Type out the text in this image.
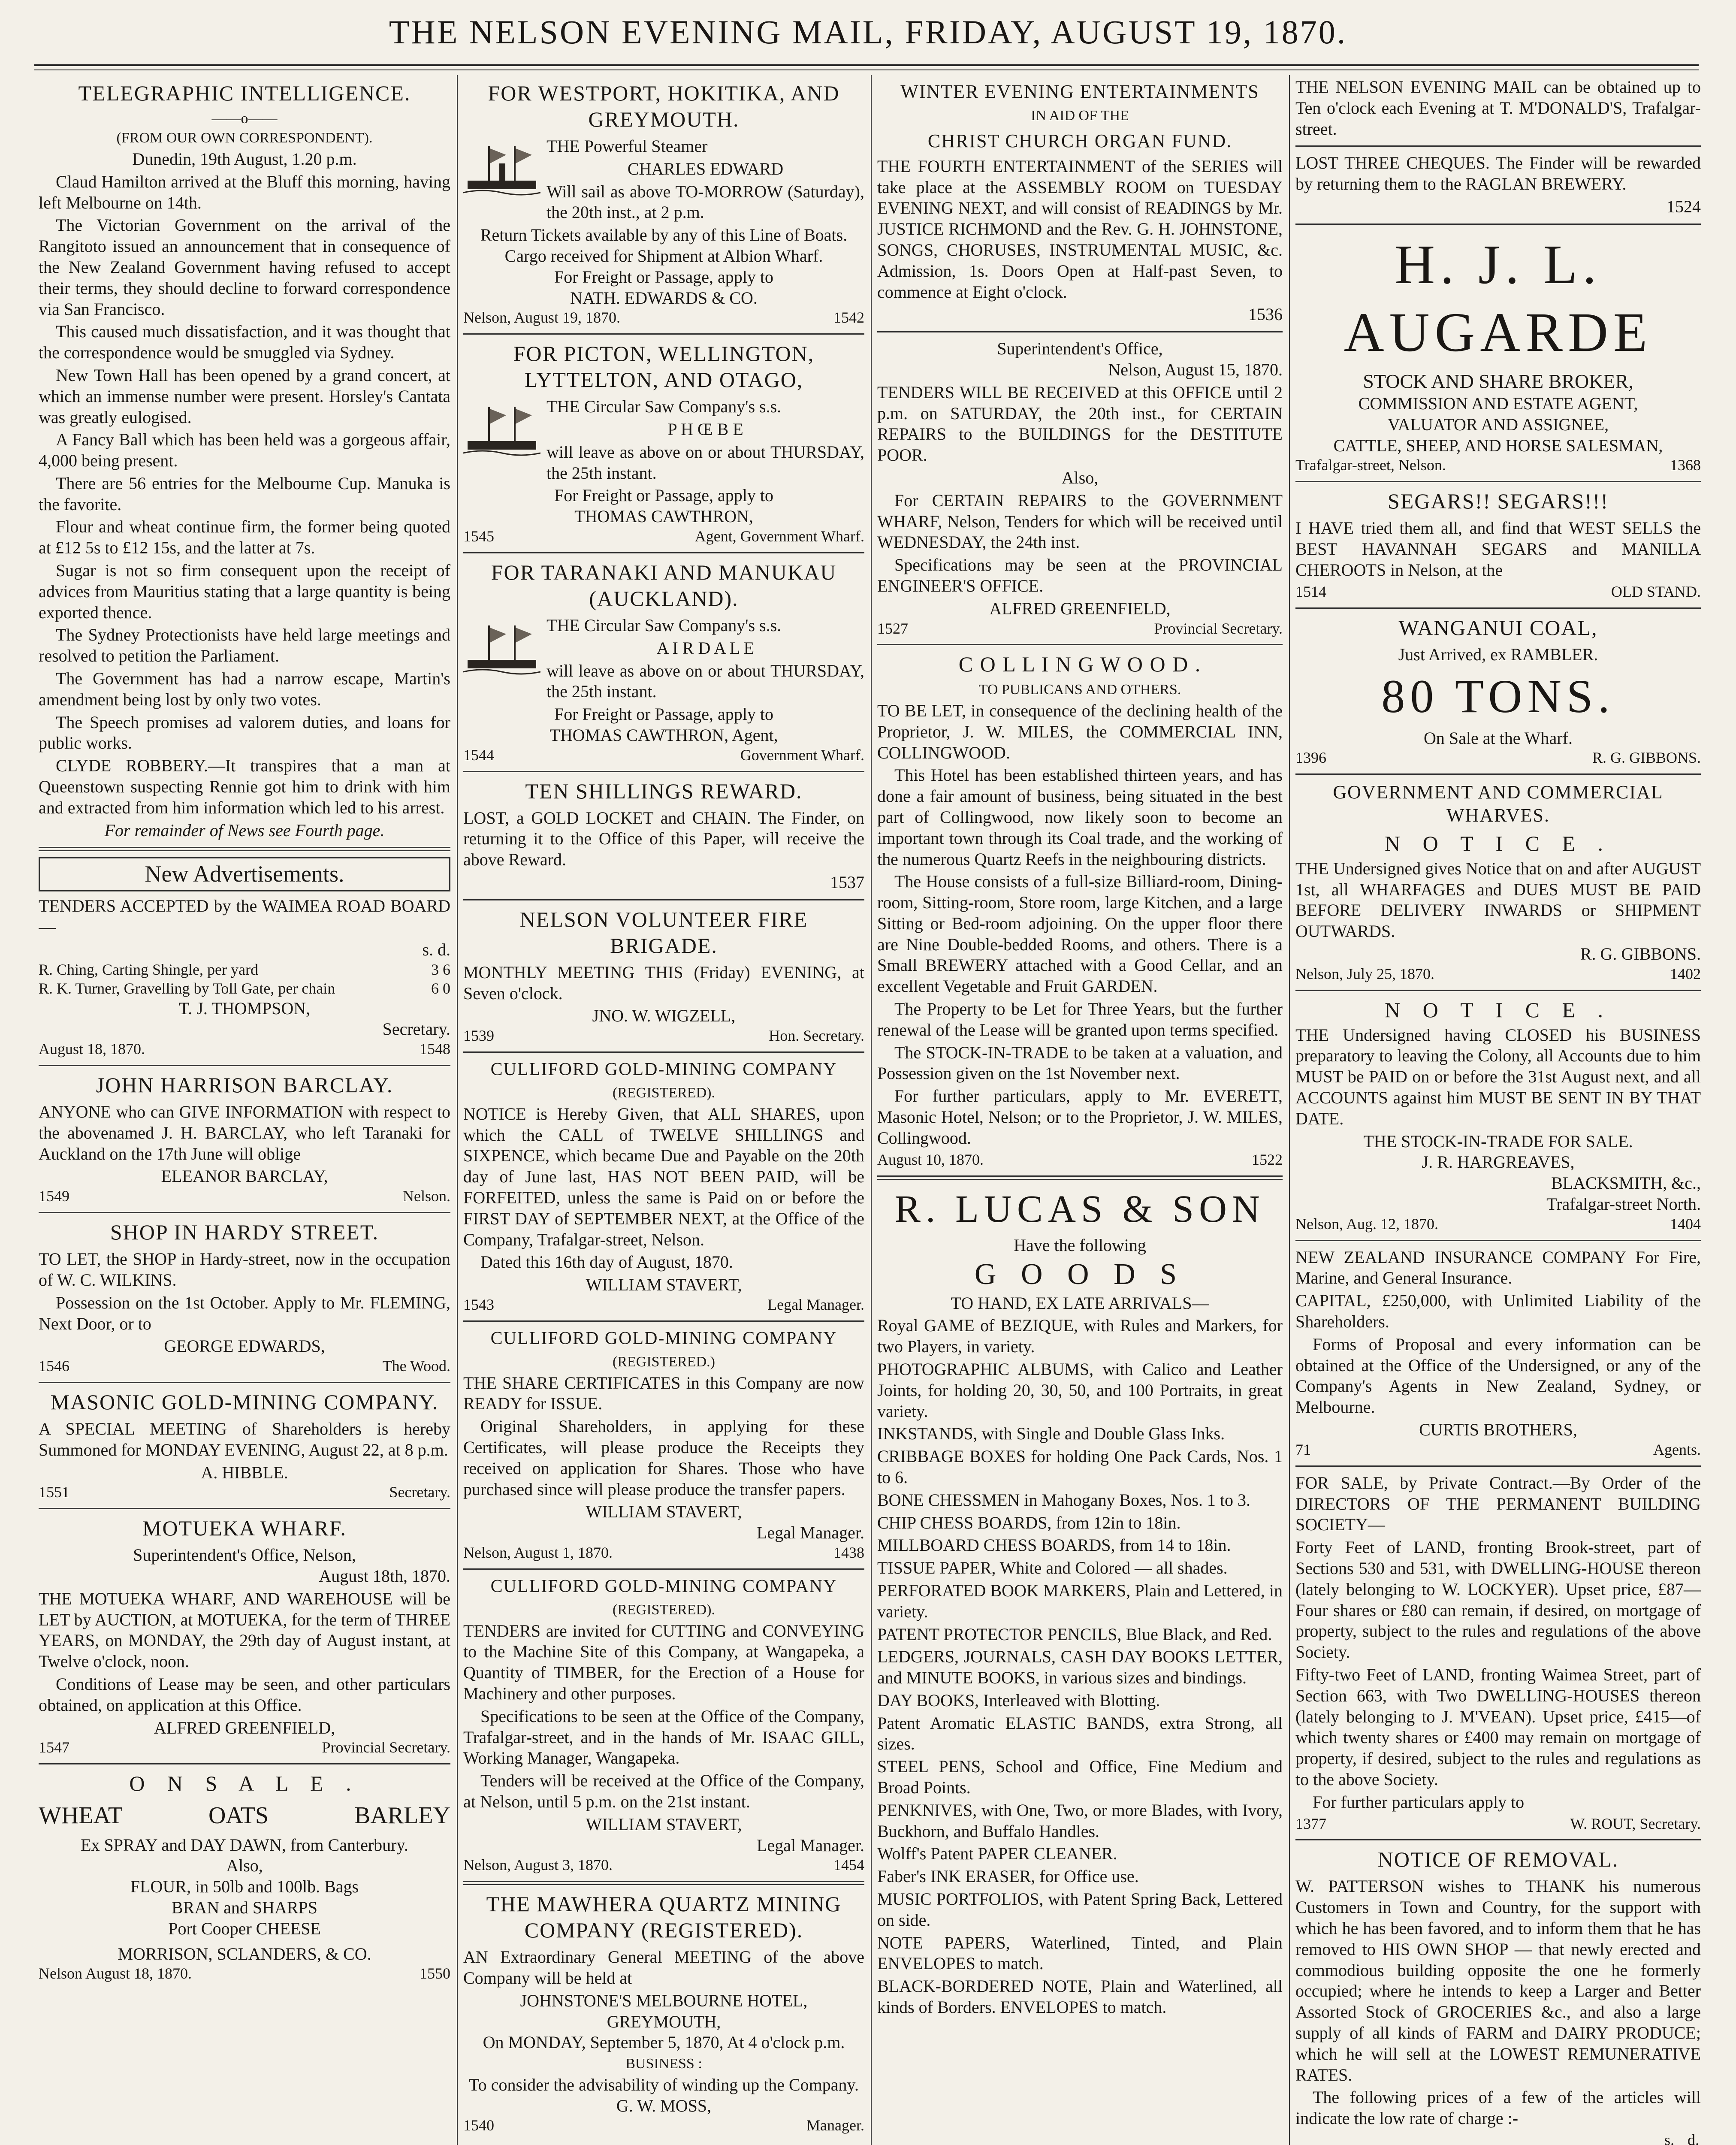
THE NELSON EVENING MAIL, FRIDAY, AUGUST 19, 1870.
TELEGRAPHIC INTELLIGENCE.
——o——
(FROM OUR OWN CORRESPONDENT).
Dunedin, 19th August, 1.20 p.m.

Claud Hamilton arrived at the Bluff this morning, having left Melbourne on 14th.

The Victorian Government on the arrival of the Rangitoto issued an announcement that in consequence of the New Zealand Government having refused to accept their terms, they should decline to forward correspondence via San Francisco.

This caused much dissatisfaction, and it was thought that the correspondence would be smuggled via Sydney.

New Town Hall has been opened by a grand concert, at which an immense number were present. Horsley's Cantata was greatly eulogised.

A Fancy Ball which has been held was a gorgeous affair, 4,000 being present.

There are 56 entries for the Melbourne Cup. Manuka is the favorite.

Flour and wheat continue firm, the former being quoted at £12 5s to £12 15s, and the latter at 7s.

Sugar is not so firm consequent upon the receipt of advices from Mauritius stating that a large quantity is being exported thence.

The Sydney Protectionists have held large meetings and resolved to petition the Parliament.

The Government has had a narrow escape, Martin's amendment being lost by only two votes.

The Speech promises ad valorem duties, and loans for public works.

CLYDE ROBBERY.—It transpires that a man at Queenstown suspecting Rennie got him to drink with him and extracted from him information which led to his arrest.

For remainder of News see Fourth page.
New Advertisements.

TENDERS ACCEPTED by the WAIMEA ROAD BOARD—

s. d.
R. Ching, Carting Shingle, per yard	3 6
R. K. Turner, Gravelling by Toll Gate, per chain	6 0
T. J. THOMPSON,
Secretary.
August 18, 1870.	1548
JOHN HARRISON BARCLAY.

ANYONE who can GIVE INFORMATION with respect to the abovenamed J. H. BARCLAY, who left Taranaki for Auckland on the 17th June will oblige

ELEANOR BARCLAY,
1549	Nelson.
SHOP IN HARDY STREET.

TO LET, the SHOP in Hardy-street, now in the occupation of W. C. WILKINS.

Possession on the 1st October. Apply to Mr. FLEMING, Next Door, or to

GEORGE EDWARDS,
1546	The Wood.
MASONIC GOLD-MINING COMPANY.

A SPECIAL MEETING of Shareholders is hereby Summoned for MONDAY EVENING, August 22, at 8 p.m.

A. HIBBLE.
1551	Secretary.
MOTUEKA WHARF.
Superintendent's Office, Nelson,
August 18th, 1870.

THE MOTUEKA WHARF, AND WAREHOUSE will be LET by AUCTION, at MOTUEKA, for the term of THREE YEARS, on MONDAY, the 29th day of August instant, at Twelve o'clock, noon.

Conditions of Lease may be seen, and other particulars obtained, on application at this Office.

ALFRED GREENFIELD,
1547	Provincial Secretary.
O N S A L E .
WHEAT	OATS	BARLEY
Ex SPRAY and DAY DAWN, from Canterbury.
Also,
FLOUR, in 50lb and 100lb. Bags
BRAN and SHARPS
Port Cooper CHEESE
MORRISON, SCLANDERS, & CO.
Nelson August 18, 1870.	1550
FOR WESTPORT, HOKITIKA, AND GREYMOUTH.

THE Powerful Steamer

CHARLES EDWARD

Will sail as above TO-MORROW (Saturday), the 20th inst., at 2 p.m.

Return Tickets available by any of this Line of Boats.
Cargo received for Shipment at Albion Wharf.
For Freight or Passage, apply to
NATH. EDWARDS & CO.
Nelson, August 19, 1870.	1542
FOR PICTON, WELLINGTON, LYTTELTON, AND OTAGO,

THE Circular Saw Company's s.s.

P H Œ B E

will leave as above on or about THURSDAY, the 25th instant.

For Freight or Passage, apply to
THOMAS CAWTHRON,
1545	Agent, Government Wharf.
FOR TARANAKI AND MANUKAU (AUCKLAND).

THE Circular Saw Company's s.s.

A I R D A L E

will leave as above on or about THURSDAY, the 25th instant.

For Freight or Passage, apply to
THOMAS CAWTHRON, Agent,
1544	Government Wharf.
TEN SHILLINGS REWARD.

LOST, a GOLD LOCKET and CHAIN. The Finder, on returning it to the Office of this Paper, will receive the above Reward.

1537
NELSON VOLUNTEER FIRE BRIGADE.

MONTHLY MEETING THIS (Friday) EVENING, at Seven o'clock.

JNO. W. WIGZELL,
1539	Hon. Secretary.
CULLIFORD GOLD-MINING COMPANY
(REGISTERED).

NOTICE is Hereby Given, that ALL SHARES, upon which the CALL of TWELVE SHILLINGS and SIXPENCE, which became Due and Payable on the 20th day of June last, HAS NOT BEEN PAID, will be FORFEITED, unless the same is Paid on or before the FIRST DAY of SEPTEMBER NEXT, at the Office of the Company, Trafalgar-street, Nelson.

Dated this 16th day of August, 1870.

WILLIAM STAVERT,
1543	Legal Manager.
CULLIFORD GOLD-MINING COMPANY
(REGISTERED.)

THE SHARE CERTIFICATES in this Company are now READY for ISSUE.

Original Shareholders, in applying for these Certificates, will please produce the Receipts they received on application for Shares. Those who have purchased since will please produce the transfer papers.

WILLIAM STAVERT,
Legal Manager.
Nelson, August 1, 1870.	1438
CULLIFORD GOLD-MINING COMPANY
(REGISTERED).

TENDERS are invited for CUTTING and CONVEYING to the Machine Site of this Company, at Wangapeka, a Quantity of TIMBER, for the Erection of a House for Machinery and other purposes.

Specifications to be seen at the Office of the Company, Trafalgar-street, and in the hands of Mr. ISAAC GILL, Working Manager, Wangapeka.

Tenders will be received at the Office of the Company, at Nelson, until 5 p.m. on the 21st instant.

WILLIAM STAVERT,
Legal Manager.
Nelson, August 3, 1870.	1454
THE MAWHERA QUARTZ MINING COMPANY (REGISTERED).

AN Extraordinary General MEETING of the above Company will be held at

JOHNSTONE'S MELBOURNE HOTEL, GREYMOUTH,
On MONDAY, September 5, 1870, At 4 o'clock p.m.
BUSINESS :
To consider the advisability of winding up the Company.
G. W. MOSS,
1540	Manager.
WINTER EVENING ENTERTAINMENTS
IN AID OF THE
CHRIST CHURCH ORGAN FUND.

THE FOURTH ENTERTAINMENT of the SERIES will take place at the ASSEMBLY ROOM on TUESDAY EVENING NEXT, and will consist of READINGS by Mr. JUSTICE RICHMOND and the Rev. G. H. JOHNSTONE, SONGS, CHORUSES, INSTRUMENTAL MUSIC, &c. Admission, 1s. Doors Open at Half-past Seven, to commence at Eight o'clock.

1536
Superintendent's Office,
Nelson, August 15, 1870.

TENDERS WILL BE RECEIVED at this OFFICE until 2 p.m. on SATURDAY, the 20th inst., for CERTAIN REPAIRS to the BUILDINGS for the DESTITUTE POOR.

Also,

For CERTAIN REPAIRS to the GOVERNMENT WHARF, Nelson, Tenders for which will be received until WEDNESDAY, the 24th inst.

Specifications may be seen at the PROVINCIAL ENGINEER'S OFFICE.

ALFRED GREENFIELD,
1527	Provincial Secretary.
C O L L I N G W O O D .
TO PUBLICANS AND OTHERS.

TO BE LET, in consequence of the declining health of the Proprietor, J. W. MILES, the COMMERCIAL INN, COLLINGWOOD.

This Hotel has been established thirteen years, and has done a fair amount of business, being situated in the best part of Collingwood, now likely soon to become an important town through its Coal trade, and the working of the numerous Quartz Reefs in the neighbouring districts.

The House consists of a full-size Billiard-room, Dining-room, Sitting-room, Store room, large Kitchen, and a large Sitting or Bed-room adjoining. On the upper floor there are Nine Double-bedded Rooms, and others. There is a Small BREWERY attached with a Good Cellar, and an excellent Vegetable and Fruit GARDEN.

The Property to be Let for Three Years, but the further renewal of the Lease will be granted upon terms specified.

The STOCK-IN-TRADE to be taken at a valuation, and Possession given on the 1st November next.

For further particulars, apply to Mr. EVERETT, Masonic Hotel, Nelson; or to the Proprietor, J. W. MILES, Collingwood.

August 10, 1870.	1522
R. LUCAS & SON
Have the following
G O O D S
TO HAND, EX LATE ARRIVALS—

Royal GAME of BEZIQUE, with Rules and Markers, for two Players, in variety.

PHOTOGRAPHIC ALBUMS, with Calico and Leather Joints, for holding 20, 30, 50, and 100 Portraits, in great variety.

INKSTANDS, with Single and Double Glass Inks.

CRIBBAGE BOXES for holding One Pack Cards, Nos. 1 to 6.

BONE CHESSMEN in Mahogany Boxes, Nos. 1 to 3.

CHIP CHESS BOARDS, from 12in to 18in.

MILLBOARD CHESS BOARDS, from 14 to 18in.

TISSUE PAPER, White and Colored — all shades.

PERFORATED BOOK MARKERS, Plain and Lettered, in variety.

PATENT PROTECTOR PENCILS, Blue Black, and Red.

LEDGERS, JOURNALS, CASH DAY BOOKS LETTER, and MINUTE BOOKS, in various sizes and bindings.

DAY BOOKS, Interleaved with Blotting.

Patent Aromatic ELASTIC BANDS, extra Strong, all sizes.

STEEL PENS, School and Office, Fine Medium and Broad Points.

PENKNIVES, with One, Two, or more Blades, with Ivory, Buckhorn, and Buffalo Handles.

Wolff's Patent PAPER CLEANER.

Faber's INK ERASER, for Office use.

MUSIC PORTFOLIOS, with Patent Spring Back, Lettered on side.

NOTE PAPERS, Waterlined, Tinted, and Plain ENVELOPES to match.

BLACK-BORDERED NOTE, Plain and Waterlined, all kinds of Borders. ENVELOPES to match.

THE NELSON EVENING MAIL can be obtained up to Ten o'clock each Evening at T. M'DONALD'S, Trafalgar-street.

LOST THREE CHEQUES. The Finder will be rewarded by returning them to the RAGLAN BREWERY.

1524
H. J. L. AUGARDE
STOCK AND SHARE BROKER,
COMMISSION AND ESTATE AGENT,
VALUATOR AND ASSIGNEE,
CATTLE, SHEEP, AND HORSE SALESMAN,
Trafalgar-street, Nelson.	1368
SEGARS!! SEGARS!!!

I HAVE tried them all, and find that WEST SELLS the BEST HAVANNAH SEGARS and MANILLA CHEROOTS in Nelson, at the

1514	OLD STAND.
WANGANUI COAL,
Just Arrived, ex RAMBLER.
80 TONS.
On Sale at the Wharf.
1396	R. G. GIBBONS.
GOVERNMENT AND COMMERCIAL WHARVES.
N O T I C E .

THE Undersigned gives Notice that on and after AUGUST 1st, all WHARFAGES and DUES MUST BE PAID BEFORE DELIVERY INWARDS or SHIPMENT OUTWARDS.

R. G. GIBBONS.
Nelson, July 25, 1870.	1402
N O T I C E .

THE Undersigned having CLOSED his BUSINESS preparatory to leaving the Colony, all Accounts due to him MUST be PAID on or before the 31st August next, and all ACCOUNTS against him MUST BE SENT IN BY THAT DATE.

THE STOCK-IN-TRADE FOR SALE.
J. R. HARGREAVES,
BLACKSMITH, &c.,
Trafalgar-street North.
Nelson, Aug. 12, 1870.	1404

NEW ZEALAND INSURANCE COMPANY For Fire, Marine, and General Insurance.

CAPITAL, £250,000, with Unlimited Liability of the Shareholders.

Forms of Proposal and every information can be obtained at the Office of the Undersigned, or any of the Company's Agents in New Zealand, Sydney, or Melbourne.

CURTIS BROTHERS,
71	Agents.

FOR SALE, by Private Contract.—By Order of the DIRECTORS OF THE PERMANENT BUILDING SOCIETY—

Forty Feet of LAND, fronting Brook-street, part of Sections 530 and 531, with DWELLING-HOUSE thereon (lately belonging to W. LOCKYER). Upset price, £87—Four shares or £80 can remain, if desired, on mortgage of property, subject to the rules and regulations of the above Society.

Fifty-two Feet of LAND, fronting Waimea Street, part of Section 663, with Two DWELLING-HOUSES thereon (lately belonging to J. M'VEAN). Upset price, £415—of which twenty shares or £400 may remain on mortgage of property, if desired, subject to the rules and regulations as to the above Society.

For further particulars apply to

1377	W. ROUT, Secretary.
NOTICE OF REMOVAL.

W. PATTERSON wishes to THANK his numerous Customers in Town and Country, for the support with which he has been favored, and to inform them that he has removed to HIS OWN SHOP — that newly erected and commodious building opposite the one he formerly occupied; where he intends to keep a Larger and Better Assorted Stock of GROCERIES &c., and also a large supply of all kinds of FARM and DAIRY PRODUCE; which he will sell at the LOWEST REMUNERATIVE RATES.

The following prices of a few of the articles will indicate the low rate of charge :-

		s.	d.
